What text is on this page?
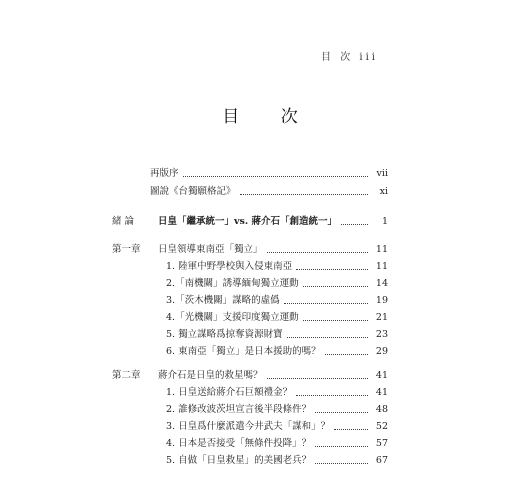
目 次 iii
目 次
再版序	vii
圖說《台獨願格記》	xi
緒 論	日皇「繼承統一」vs. 蔣介石「創造統一」	1
第一章 日皇領導東南亞「獨立」	11
1. 陸軍中野學校與入侵東南亞	11
2.「南機關」誘導緬甸獨立運動	14
3.「茨木機關」謀略的虛僞	19
4.「光機關」支援印度獨立運動	21
5. 獨立謀略爲掠奪資源財寶	23
6. 東南亞「獨立」是日本援助的嗎？	29
第二章 蔣介石是日皇的救星嗎？	41
1. 日皇送給蔣介石巨額禮金？	41
2. 誰修改波茨坦宣言後半段條件？	48
3. 日皇爲什麼派遣今井武夫「謀和」？	52
4. 日本是否接受「無條件投降」？	57
5. 自做「日皇救星」的美國老兵？	67
